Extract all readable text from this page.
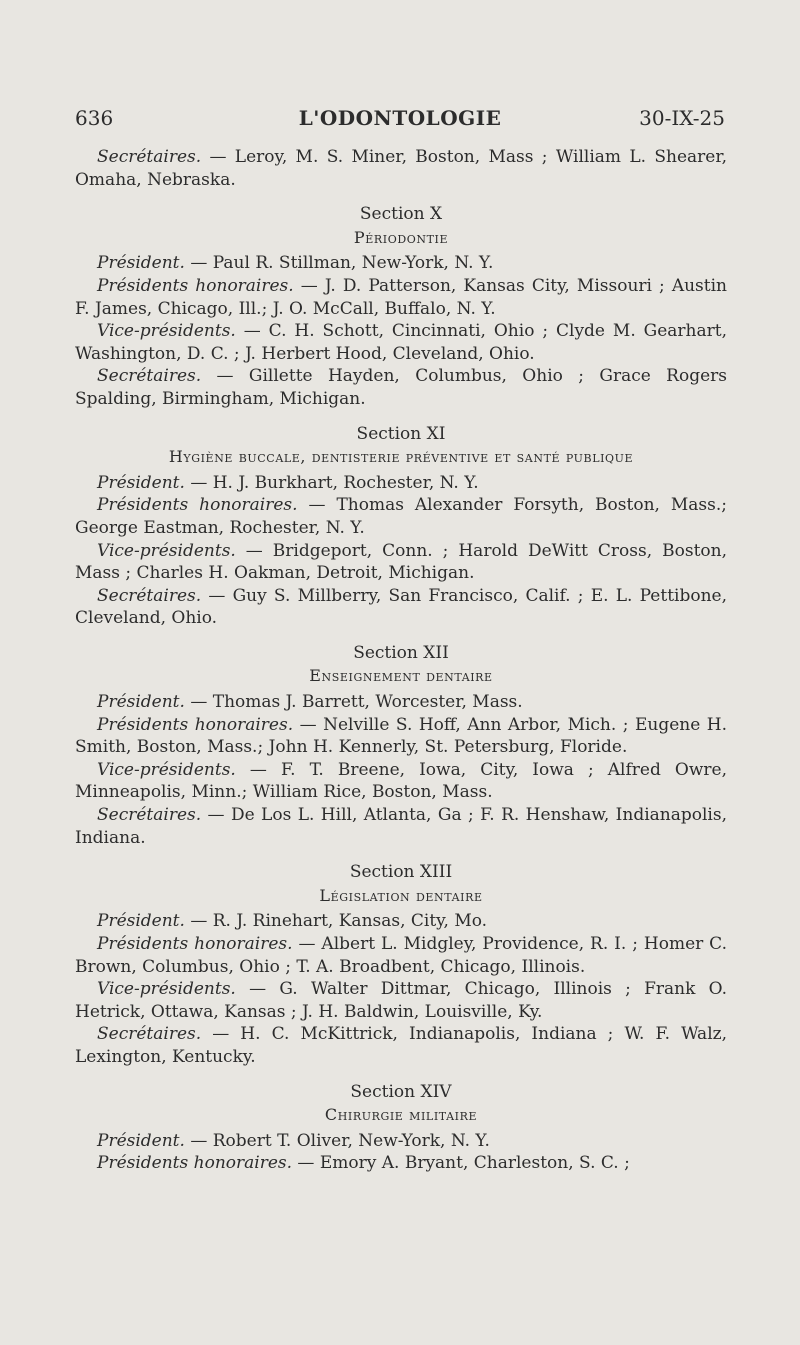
636	L'ODONTOLOGIE	30-IX-25

Secrétaires. — Leroy, M. S. Miner, Boston, Mass ; William L. Shearer, Omaha, Nebraska.

Section X

Périodontie

Président. — Paul R. Stillman, New-York, N. Y.

Présidents honoraires. — J. D. Patterson, Kansas City, Missouri ; Austin F. James, Chicago, Ill.; J. O. McCall, Buffalo, N. Y.

Vice-présidents. — C. H. Schott, Cincinnati, Ohio ; Clyde M. Gearhart, Washington, D. C. ; J. Herbert Hood, Cleveland, Ohio.

Secrétaires. — Gillette Hayden, Columbus, Ohio ; Grace Rogers Spalding, Birmingham, Michigan.

Section XI

Hygiène buccale, dentisterie préventive et santé publique

Président. — H. J. Burkhart, Rochester, N. Y.

Présidents honoraires. — Thomas Alexander Forsyth, Boston, Mass.; George Eastman, Rochester, N. Y.

Vice-présidents. — Bridgeport, Conn. ; Harold DeWitt Cross, Boston, Mass ; Charles H. Oakman, Detroit, Michigan.

Secrétaires. — Guy S. Millberry, San Francisco, Calif. ; E. L. Pettibone, Cleveland, Ohio.

Section XII

Enseignement dentaire

Président. — Thomas J. Barrett, Worcester, Mass.

Présidents honoraires. — Nelville S. Hoff, Ann Arbor, Mich. ; Eugene H. Smith, Boston, Mass.; John H. Kennerly, St. Petersburg, Floride.

Vice-présidents. — F. T. Breene, Iowa, City, Iowa ; Alfred Owre, Minneapolis, Minn.; William Rice, Boston, Mass.

Secrétaires. — De Los L. Hill, Atlanta, Ga ; F. R. Henshaw, Indianapolis, Indiana.

Section XIII

Législation dentaire

Président. — R. J. Rinehart, Kansas, City, Mo.

Présidents honoraires. — Albert L. Midgley, Providence, R. I. ; Homer C. Brown, Columbus, Ohio ; T. A. Broadbent, Chicago, Illinois.

Vice-présidents. — G. Walter Dittmar, Chicago, Illinois ; Frank O. Hetrick, Ottawa, Kansas ; J. H. Baldwin, Louisville, Ky.

Secrétaires. — H. C. McKittrick, Indianapolis, Indiana ; W. F. Walz, Lexington, Kentucky.

Section XIV

Chirurgie militaire

Président. — Robert T. Oliver, New-York, N. Y.

Présidents honoraires. — Emory A. Bryant, Charleston, S. C. ;
